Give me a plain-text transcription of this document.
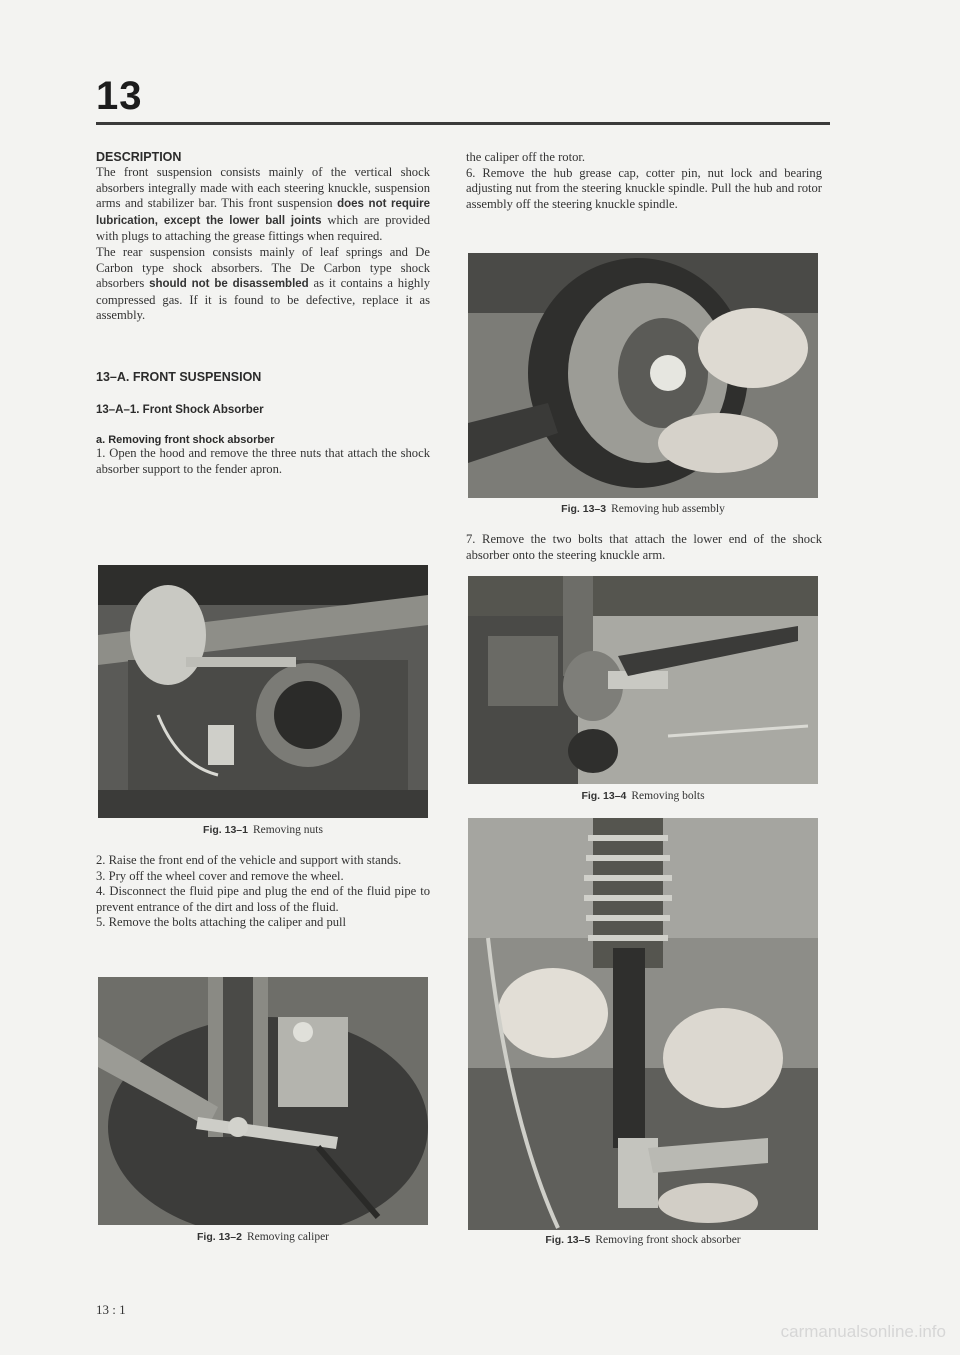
13
DESCRIPTION

The front suspension consists mainly of the vertical shock absorbers integrally made with each steering knuckle, suspension arms and stabilizer bar. This front suspension does not require lubrication, except the lower ball joints which are provided with plugs to attaching the grease fittings when required.

The rear suspension consists mainly of leaf springs and De Carbon type shock absorbers. The De Carbon type shock absorbers should not be disassembled as it contains a highly compressed gas. If it is found to be defective, replace it as assembly.

13–A. FRONT SUSPENSION
13–A–1. Front Shock Absorber
a. Removing front shock absorber

1. Open the hood and remove the three nuts that attach the shock absorber support to the fender apron.

Fig. 13–1 Removing nuts

2. Raise the front end of the vehicle and support with stands.

3. Pry off the wheel cover and remove the wheel.

4. Disconnect the fluid pipe and plug the end of the fluid pipe to prevent entrance of the dirt and loss of the fluid.

5. Remove the bolts attaching the caliper and pull

Fig. 13–2 Removing caliper

the caliper off the rotor.

6. Remove the hub grease cap, cotter pin, nut lock and bearing adjusting nut from the steering knuckle spindle. Pull the hub and rotor assembly off the steering knuckle spindle.

Fig. 13–3 Removing hub assembly

7. Remove the two bolts that attach the lower end of the shock absorber onto the steering knuckle arm.

Fig. 13–4 Removing bolts
Fig. 13–5 Removing front shock absorber
13 : 1
carmanualsonline.info
